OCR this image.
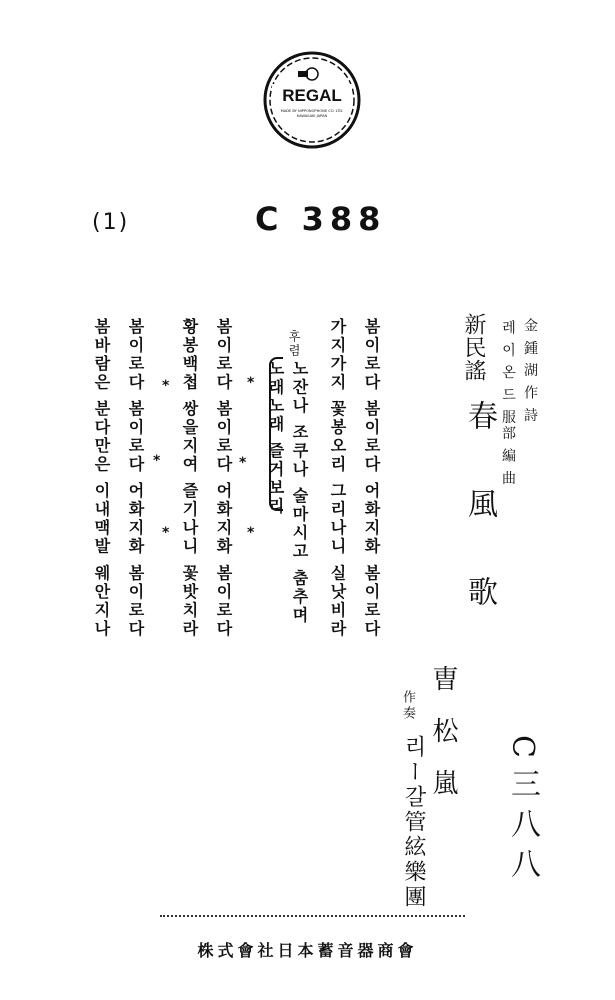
REGAL
MADE BY NIPPONOPHONE CO. LTD.
KAWASAKI JAPAN
(1)	C 388
新民謠	金 鍾 湖 作 詩
레 이 온 드 服部 編 曲
春風歌
曺松嵐
作奏
리ー갈管絃樂團	C三八八
봄이로다 봄이로다 어화지화 봄이로다
가지가지 꽃봉오리 그리나니 실낫비라
후렴
노잔나 조쿠나 술마시고 춤추며
노래노래 즐거보리
봄이로다 봄이로다 어화지화 봄이로다
황봉백첩 쌍을지여 즐기나니 꽃밧치라
봄이로다 봄이로다 어화지화 봄이로다
봄바람은 분다만은 이내맥발 웨안지나	*
*
*
*
*
*
株式會社日本蓄音器商會
